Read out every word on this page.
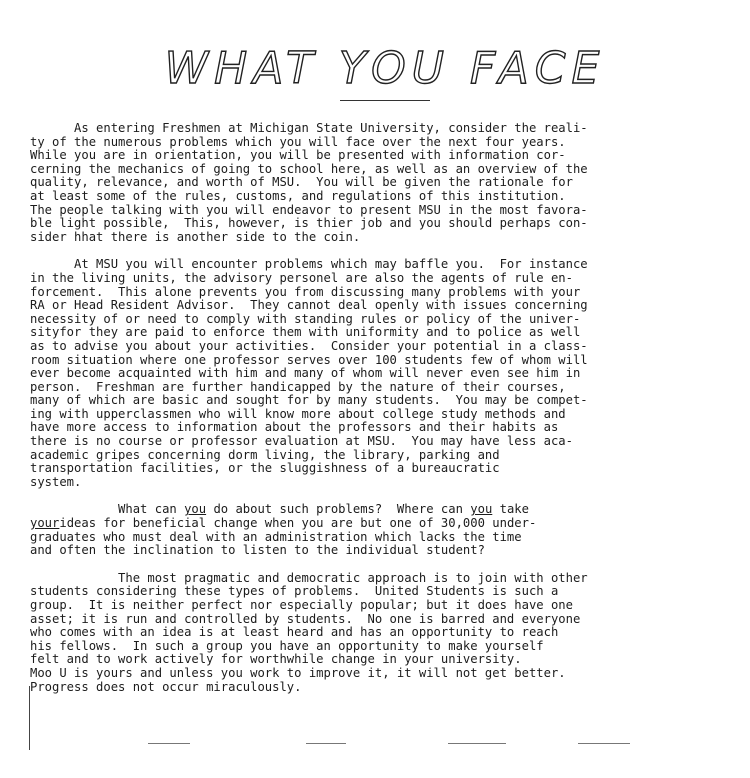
WHAT YOU FACE

As entering Freshmen at Michigan State University, consider the reali-
ty of the numerous problems which you will face over the next four years.
While you are in orientation, you will be presented with information cor-
cerning the mechanics of going to school here, as well as an overview of the
quality, relevance, and worth of MSU.  You will be given the rationale for
at least some of the rules, customs, and regulations of this institution.
The people talking with you will endeavor to present MSU in the most favora-
ble light possible,  This, however, is thier job and you should perhaps con-
sider hhat there is another side to the coin.

At MSU you will encounter problems which may baffle you.  For instance
in the living units, the advisory personel are also the agents of rule en-
forcement.  This alone prevents you from discussing many problems with your
RA or Head Resident Advisor.  They cannot deal openly with issues concerning
necessity of or need to comply with standing rules or policy of the univer-
sityfor they are paid to enforce them with uniformity and to police as well
as to advise you about your activities.  Consider your potential in a class-
room situation where one professor serves over 100 students few of whom will
ever become acquainted with him and many of whom will never even see him in
person.  Freshman are further handicapped by the nature of their courses,
many of which are basic and sought for by many students.  You may be compet-
ing with upperclassmen who will know more about college study methods and
have more access to information about the professors and their habits as
there is no course or professor evaluation at MSU.  You may have less aca-
academic gripes concerning dorm living, the library, parking and
transportation facilities, or the sluggishness of a bureaucratic
system.

What can you do about such problems?  Where can you take
yourideas for beneficial change when you are but one of 30,000 under-
graduates who must deal with an administration which lacks the time
and often the inclination to listen to the individual student?

The most pragmatic and democratic approach is to join with other
students considering these types of problems.  United Students is such a
group.  It is neither perfect nor especially popular; but it does have one
asset; it is run and controlled by students.  No one is barred and everyone
who comes with an idea is at least heard and has an opportunity to reach
his fellows.  In such a group you have an opportunity to make yourself
felt and to work actively for worthwhile change in your university.
Moo U is yours and unless you work to improve it, it will not get better.
Progress does not occur miraculously.
